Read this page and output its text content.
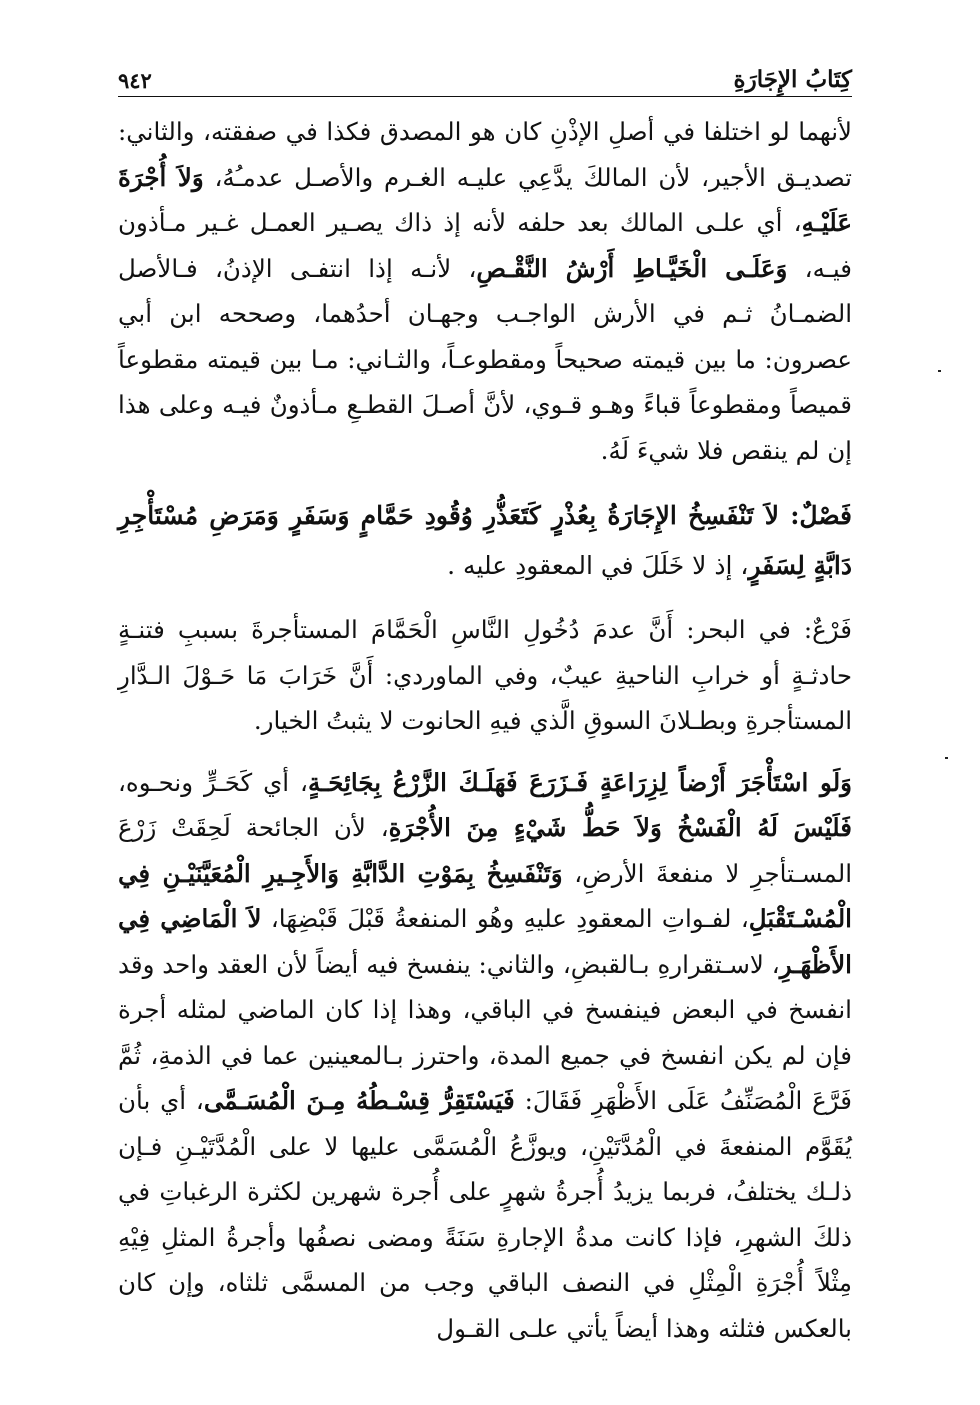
كِتَابُ الإِجَارَةِ
٩٤٢

لأنهما لو اختلفا في أصلِ الإذْنِ كان هو المصدق فكذا في صفقته، والثاني: تصديـق الأجير، لأن المالكَ يدَّعِي عليـه الغـرم والأصـل عدمـُهُ، وَلاَ أُجْرَةَ عَلَيْـهِ، أي علـى المالك بعد حلفه لأنه إذ ذاك يصـير العمـل غـير مـأذون فيـه، وَعَلَـى الْخَيَّـاطِ أَرْشُ النَّقْـصِ، لأنـه إذا انتفـى الإذنُ، فـالأصل الضمـانُ ثـم في الأرش الواجـب وجهـان أحدُهما، وصححه ابن أبي عصرون: ما بين قيمته صحيحاً ومقطوعـاً، والثـاني: مـا بين قيمته مقطوعاً قميصاً ومقطوعاً قباءً وهـو قـوي، لأنَّ أصـلَ القطـعِ مـأذونٌ فيـه وعلى هذا إن لم ينقص فلا شيءَ لَهُ.

فَصْلٌ: لاَ تَنْفَسِخُ الإِجَارَةُ بِعُذْرٍ كَتَعَذُّرِ وُقُودِ حَمَّامٍ وَسَفَرٍ وَمَرَضِ مُسْتَأْجِرِ دَابَّةٍ لِسَفَرٍ، إذ لا خَلَلَ في المعقودِ عليه .

فَرْعٌ: في البحر: أَنَّ عدمَ دُخُولِ النَّاسِ الْحَمَّامَ المستأجرةَ بسببِ فتنـةٍ حادثـةٍ أو خرابِ الناحيةِ عيبٌ، وفي الماوردي: أَنَّ خَرَابَ مَا حَـوْلَ الـدَّارِ المستأجرةِ وبطـلانَ السوقِ الَّذي فيهِ الحانوت لا يثبتُ الخيار.

وَلَو اسْتَأْجَرَ أَرْضاً لِزِرَاعَةٍ فَـزَرَعَ فَهَلَـكَ الزَّرْعُ بِجَائِحَـةٍ، أي كَحَـرٍّ ونحـوه، فَلَيْسَ لَهُ الْفَسْخُ وَلاَ حَطُّ شَيْءٍ مِنَ الأُجْرَةِ، لأن الجائحة لَحِقَتْ زَرْعَ المسـتأجرِ لا منفعةَ الأرضِ، وَتَنْفَسِخُ بِمَوْتِ الدَّابَّةِ وَالأَجِـيرِ الْمُعَيَّنَيْـنِ فِي الْمُسْـتَقْبَلِ، لفـواتِ المعقودِ عليهِ وهُو المنفعةُ قَبْلَ قَبْضِهَا، لاَ الْمَاضِي فِي الأَظْهَـرِ، لاسـتقرارهِ بـالقبضِ، والثاني: ينفسخ فيه أيضاً لأن العقد واحد وقد انفسخ في البعض فينفسخ في الباقي، وهذا إذا كان الماضي لمثله أجرة فإن لم يكن انفسخ في جميع المدة، واحترز بـالمعينين عما في الذمةِ، ثُمَّ فَرَّعَ الْمُصَنِّفُ عَلَى الأَظْهَرِ فَقَالَ: فَيَسْتَقِرُّ قِسْـطُهُ مِـنَ الْمُسَـمَّى، أي بأن يُقَوَّم المنفعةَ في الْمُدَّتَيْنِ، ويوزَّعُ الْمُسَمَّى عليها لا على الْمُدَّتَيْـنِ فـإن ذلـك يختلفُ، فربما يزيدُ أُجرةُ شهرٍ على أُجرة شهرين لكثرة الرغباتِ في ذلكَ الشهرِ، فإذا كانت مدةُ الإجارةِ سَنَةً ومضى نصفُها وأجرةُ المثلِ فِيْهِ مِثْلاً أُجْرَةِ الْمِثْلِ في النصف الباقي وجب من المسمَّى ثلثاه، وإن كان بالعكس فثلثه وهذا أيضاً يأتي علـى القـول
